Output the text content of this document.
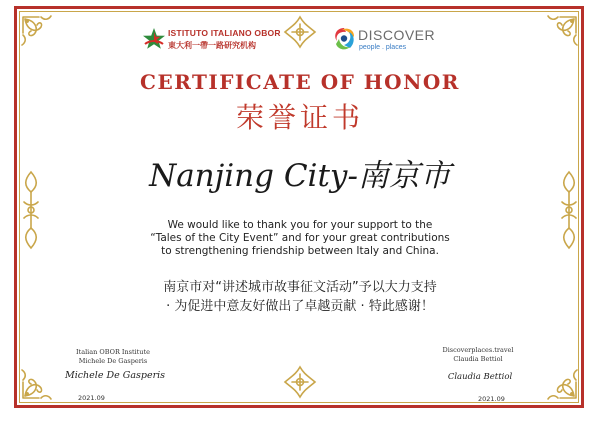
ISTITUTO ITALIANO OBOR
東大利一帶一路研究机构
DISCOVER
people . places
CERTIFICATE OF HONOR
荣誉证书
Nanjing City-南京市
We would like to thank you for your support to the
“Tales of the City Event” and for your great contributions
to strengthening friendship between Italy and China.
南京市对“讲述城市故事征文活动”予以大力支持
· 为促进中意友好做出了卓越贡献 · 特此感谢！
Italian OBOR Institute
Michele De Gasperis
Michele De Gasperis
2021.09
Discoverplaces.travel
Claudia Bettiol
Claudia Bettiol
2021.09
